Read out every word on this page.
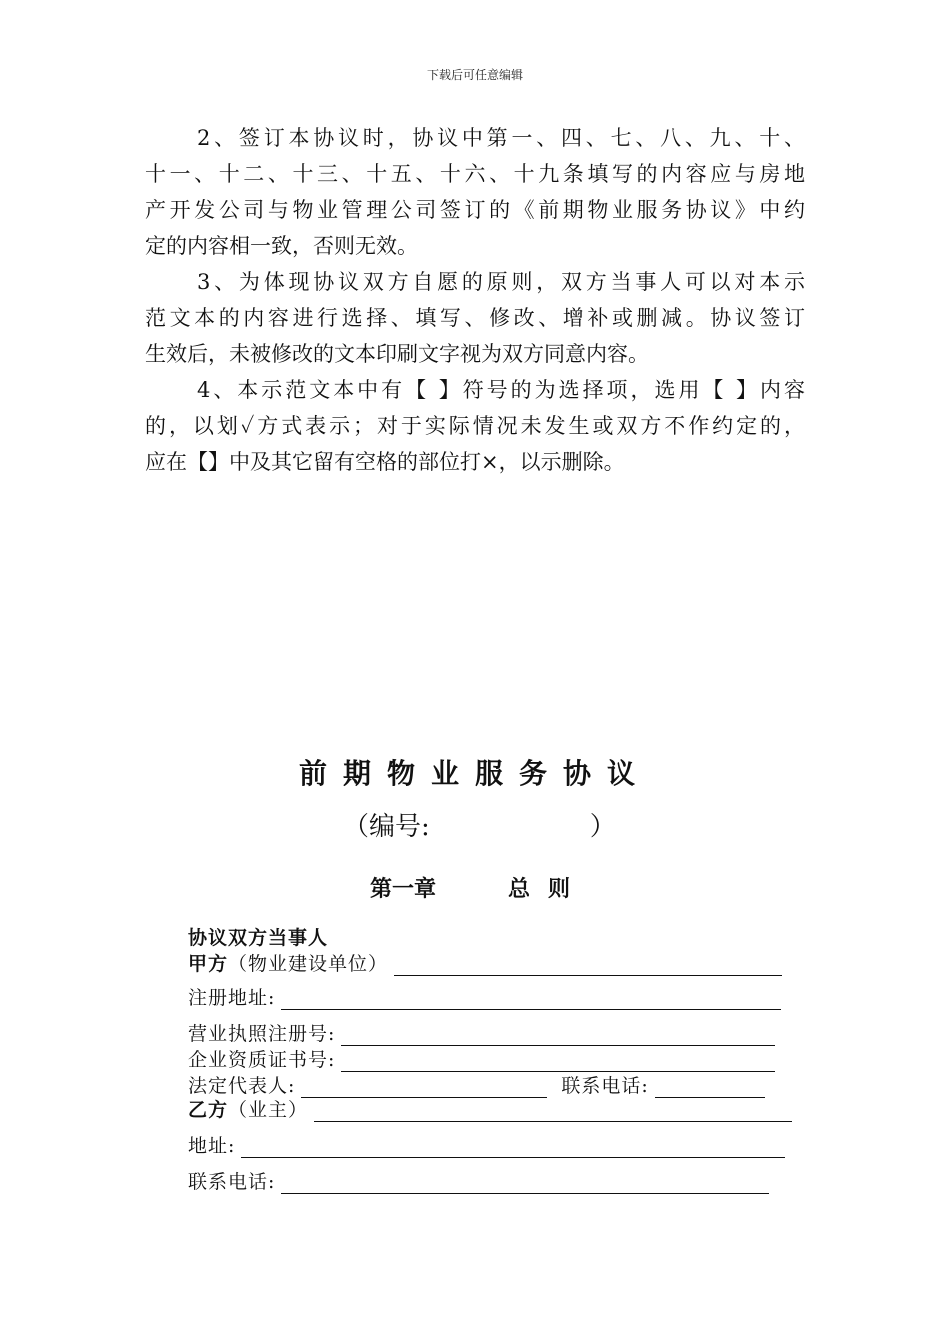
下载后可任意编辑

2、签订本协议时，协议中第一、四、七、八、九、十、
十一、十二、十三、十五、十六、十九条填写的内容应与房地
产开发公司与物业管理公司签订的《前期物业服务协议》中约
定的内容相一致，否则无效。

3、为体现协议双方自愿的原则，双方当事人可以对本示
范文本的内容进行选择、填写、修改、增补或删减。协议签订
生效后，未被修改的文本印刷文字视为双方同意内容。

4、本示范文本中有【 】符号的为选择项，选用【 】内容
的，以划✓方式表示；对于实际情况未发生或双方不作约定的，
应在【】中及其它留有空格的部位打×，以示删除。

前期物业服务协议
（编号:	）
第一章	总则
协议双方当事人
甲方 （物业建设单位）
注册地址:
营业执照注册号:
企业资质证书号:
法定代表人:	联系电话:
乙方 （业主）
地址:
联系电话:
